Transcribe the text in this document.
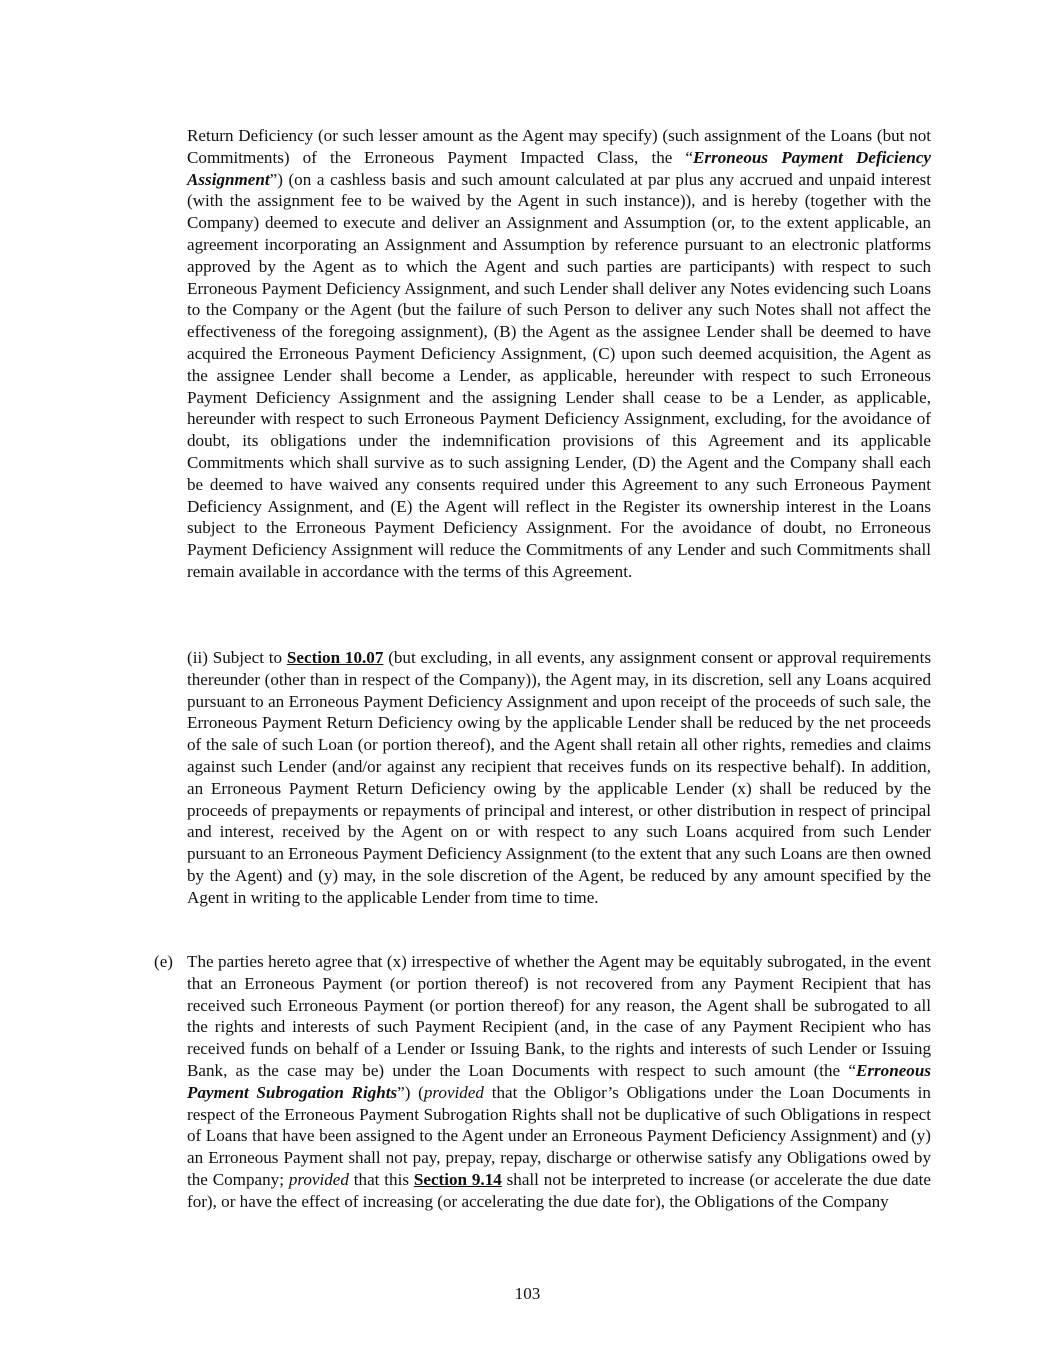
Return Deficiency (or such lesser amount as the Agent may specify) (such assignment of the Loans (but not Commitments) of the Erroneous Payment Impacted Class, the “Erroneous Payment Deficiency Assignment”) (on a cashless basis and such amount calculated at par plus any accrued and unpaid interest (with the assignment fee to be waived by the Agent in such instance)), and is hereby (together with the Company) deemed to execute and deliver an Assignment and Assumption (or, to the extent applicable, an agreement incorporating an Assignment and Assumption by reference pursuant to an electronic platforms approved by the Agent as to which the Agent and such parties are participants) with respect to such Erroneous Payment Deficiency Assignment, and such Lender shall deliver any Notes evidencing such Loans to the Company or the Agent (but the failure of such Person to deliver any such Notes shall not affect the effectiveness of the foregoing assignment), (B) the Agent as the assignee Lender shall be deemed to have acquired the Erroneous Payment Deficiency Assignment, (C) upon such deemed acquisition, the Agent as the assignee Lender shall become a Lender, as applicable, hereunder with respect to such Erroneous Payment Deficiency Assignment and the assigning Lender shall cease to be a Lender, as applicable, hereunder with respect to such Erroneous Payment Deficiency Assignment, excluding, for the avoidance of doubt, its obligations under the indemnification provisions of this Agreement and its applicable Commitments which shall survive as to such assigning Lender, (D) the Agent and the Company shall each be deemed to have waived any consents required under this Agreement to any such Erroneous Payment Deficiency Assignment, and (E) the Agent will reflect in the Register its ownership interest in the Loans subject to the Erroneous Payment Deficiency Assignment. For the avoidance of doubt, no Erroneous Payment Deficiency Assignment will reduce the Commitments of any Lender and such Commitments shall remain available in accordance with the terms of this Agreement.

(ii) Subject to Section 10.07 (but excluding, in all events, any assignment consent or approval requirements thereunder (other than in respect of the Company)), the Agent may, in its discretion, sell any Loans acquired pursuant to an Erroneous Payment Deficiency Assignment and upon receipt of the proceeds of such sale, the Erroneous Payment Return Deficiency owing by the applicable Lender shall be reduced by the net proceeds of the sale of such Loan (or portion thereof), and the Agent shall retain all other rights, remedies and claims against such Lender (and/or against any recipient that receives funds on its respective behalf). In addition, an Erroneous Payment Return Deficiency owing by the applicable Lender (x) shall be reduced by the proceeds of prepayments or repayments of principal and interest, or other distribution in respect of principal and interest, received by the Agent on or with respect to any such Loans acquired from such Lender pursuant to an Erroneous Payment Deficiency Assignment (to the extent that any such Loans are then owned by the Agent) and (y) may, in the sole discretion of the Agent, be reduced by any amount specified by the Agent in writing to the applicable Lender from time to time.

(e) The parties hereto agree that (x) irrespective of whether the Agent may be equitably subrogated, in the event that an Erroneous Payment (or portion thereof) is not recovered from any Payment Recipient that has received such Erroneous Payment (or portion thereof) for any reason, the Agent shall be subrogated to all the rights and interests of such Payment Recipient (and, in the case of any Payment Recipient who has received funds on behalf of a Lender or Issuing Bank, to the rights and interests of such Lender or Issuing Bank, as the case may be) under the Loan Documents with respect to such amount (the “Erroneous Payment Subrogation Rights”) (provided that the Obligor’s Obligations under the Loan Documents in respect of the Erroneous Payment Subrogation Rights shall not be duplicative of such Obligations in respect of Loans that have been assigned to the Agent under an Erroneous Payment Deficiency Assignment) and (y) an Erroneous Payment shall not pay, prepay, repay, discharge or otherwise satisfy any Obligations owed by the Company; provided that this Section 9.14 shall not be interpreted to increase (or accelerate the due date for), or have the effect of increasing (or accelerating the due date for), the Obligations of the Company

103
